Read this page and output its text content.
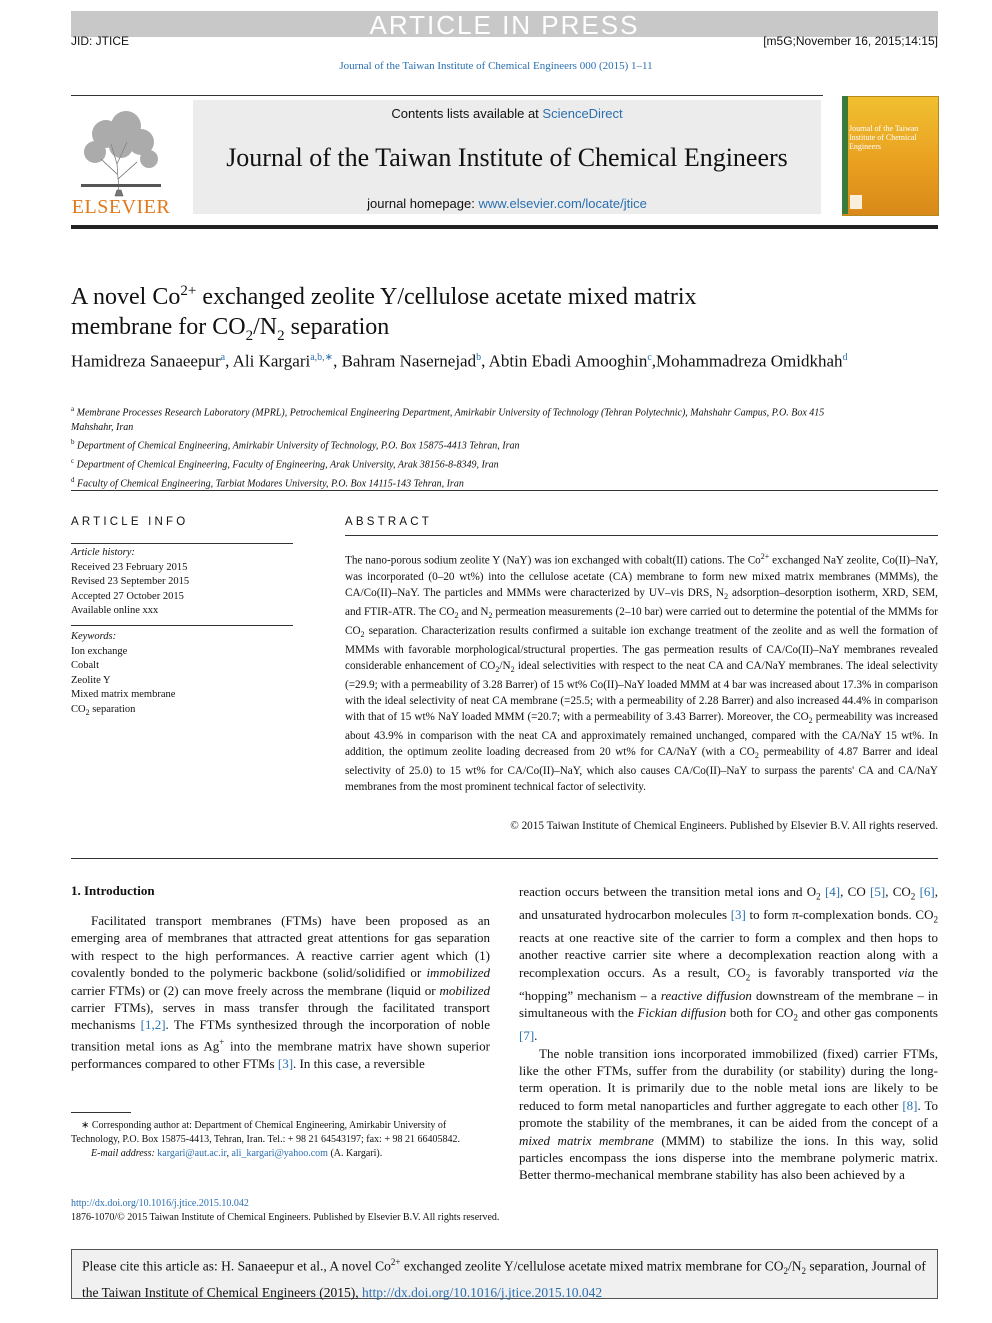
ARTICLE IN PRESS
JID: JTICE	[m5G;November 16, 2015;14:15]
Journal of the Taiwan Institute of Chemical Engineers 000 (2015) 1–11
ELSEVIER
Contents lists available at ScienceDirect
Journal of the Taiwan Institute of Chemical Engineers
journal homepage: www.elsevier.com/locate/jtice
Journal of the Taiwan Institute of Chemical Engineers
A novel $Co^{2+}$ exchanged zeolite Y/cellulose acetate mixed matrix
membrane for $CO_2/N_2$ separation
Hamidreza Sanaeepur$^a$, Ali Kargari$^{a,b,∗}$, Bahram Nasernejad$^b$, Abtin Ebadi Amooghin$^c$,Mohammadreza Omidkhah$^d$
$^a$ Membrane Processes Research Laboratory (MPRL), Petrochemical Engineering Department, Amirkabir University of Technology (Tehran Polytechnic), Mahshahr Campus, P.O. Box 415 Mahshahr, Iran
$^b$ Department of Chemical Engineering, Amirkabir University of Technology, P.O. Box 15875-4413 Tehran, Iran
$^c$ Department of Chemical Engineering, Faculty of Engineering, Arak University, Arak 38156-8-8349, Iran
$^d$ Faculty of Chemical Engineering, Tarbiat Modares University, P.O. Box 14115-143 Tehran, Iran
ARTICLE INFO	ABSTRACT
Article history:
Received 23 February 2015
Revised 23 September 2015
Accepted 27 October 2015
Available online xxx
Keywords:
Ion exchange
Cobalt
Zeolite Y
Mixed matrix membrane
$CO_2$ separation
The nano-porous sodium zeolite Y (NaY) was ion exchanged with cobalt(II) cations. The $Co^{2+}$ exchanged NaY zeolite, Co(II)–NaY, was incorporated (0–20 wt%) into the cellulose acetate (CA) membrane to form new mixed matrix membranes (MMMs), the CA/Co(II)–NaY. The particles and MMMs were characterized by UV–vis DRS, $N_2$ adsorption–desorption isotherm, XRD, SEM, and FTIR-ATR. The $CO_2$ and $N_2$ permeation measurements (2–10 bar) were carried out to determine the potential of the MMMs for $CO_2$ separation. Characterization results confirmed a suitable ion exchange treatment of the zeolite and as well the formation of MMMs with favorable morphological/structural properties. The gas permeation results of CA/Co(II)–NaY membranes revealed considerable enhancement of $CO_2/N_2$ ideal selectivities with respect to the neat CA and CA/NaY membranes. The ideal selectivity (=29.9; with a permeability of 3.28 Barrer) of 15 wt% Co(II)–NaY loaded MMM at 4 bar was increased about 17.3% in comparison with the ideal selectivity of neat CA membrane (=25.5; with a permeability of 2.28 Barrer) and also increased 44.4% in comparison with that of 15 wt% NaY loaded MMM (=20.7; with a permeability of 3.43 Barrer). Moreover, the $CO_2$ permeability was increased about 43.9% in comparison with the neat CA and approximately remained unchanged, compared with the CA/NaY 15 wt%. In addition, the optimum zeolite loading decreased from 20 wt% for CA/NaY (with a $CO_2$ permeability of 4.87 Barrer and ideal selectivity of 25.0) to 15 wt% for CA/Co(II)–NaY, which also causes CA/Co(II)–NaY to surpass the parents' CA and CA/NaY membranes from the most prominent technical factor of selectivity.
© 2015 Taiwan Institute of Chemical Engineers. Published by Elsevier B.V. All rights reserved.
1. Introduction
Facilitated transport membranes (FTMs) have been proposed as an emerging area of membranes that attracted great attentions for gas separation with respect to the high performances. A reactive carrier agent which (1) covalently bonded to the polymeric backbone (solid/solidified or immobilized carrier FTMs) or (2) can move freely across the membrane (liquid or mobilized carrier FTMs), serves in mass transfer through the facilitated transport mechanisms [1,2]. The FTMs synthesized through the incorporation of noble transition metal ions as Ag+ into the membrane matrix have shown superior performances compared to other FTMs [3]. In this case, a reversible
reaction occurs between the transition metal ions and $O_2$ [4], CO [5], $CO_2$ [6], and unsaturated hydrocarbon molecules [3] to form π-complexation bonds. $CO_2$ reacts at one reactive site of the carrier to form a complex and then hops to another reactive carrier site where a decomplexation reaction along with a recomplexation occurs. As a result, $CO_2$ is favorably transported via the “hopping” mechanism – a reactive diffusion downstream of the membrane – in simultaneous with the Fickian diffusion both for $CO_2$ and other gas components [7].
The noble transition ions incorporated immobilized (fixed) carrier FTMs, like the other FTMs, suffer from the durability (or stability) during the long-term operation. It is primarily due to the noble metal ions are likely to be reduced to form metal nanoparticles and further aggregate to each other [8]. To promote the stability of the membranes, it can be aided from the concept of a mixed matrix membrane (MMM) to stabilize the ions. In this way, solid particles encompass the ions disperse into the membrane polymeric matrix. Better thermo-mechanical membrane stability has also been achieved by a
∗ Corresponding author at: Department of Chemical Engineering, Amirkabir University of Technology, P.O. Box 15875-4413, Tehran, Iran. Tel.: + 98 21 64543197; fax: + 98 21 66405842.
E-mail address: kargari@aut.ac.ir, ali_kargari@yahoo.com (A. Kargari).
http://dx.doi.org/10.1016/j.jtice.2015.10.042
1876-1070/© 2015 Taiwan Institute of Chemical Engineers. Published by Elsevier B.V. All rights reserved.
Please cite this article as: H. Sanaeepur et al., A novel $Co^{2+}$ exchanged zeolite Y/cellulose acetate mixed matrix membrane for $CO_2/N_2$ separation, Journal of the Taiwan Institute of Chemical Engineers (2015), http://dx.doi.org/10.1016/j.jtice.2015.10.042
